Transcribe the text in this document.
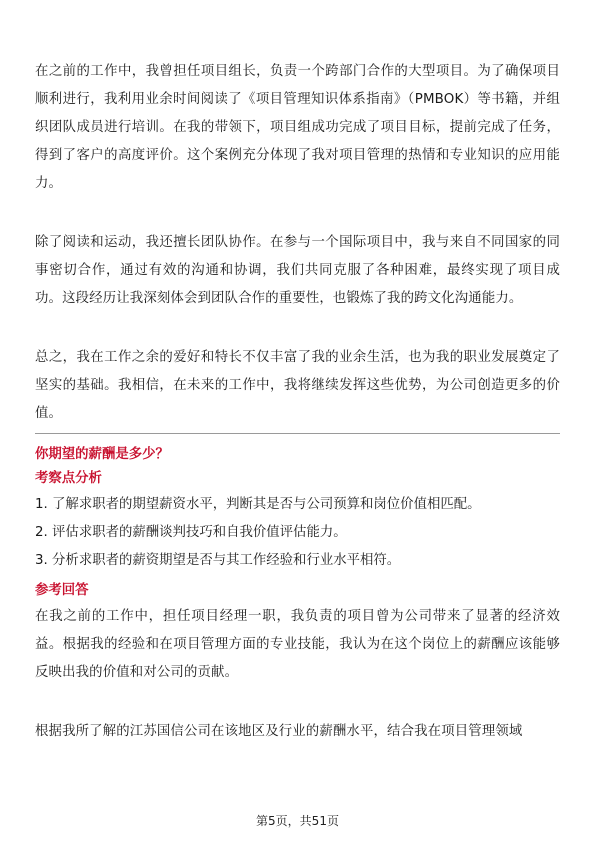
在之前的工作中，我曾担任项目组长，负责一个跨部门合作的大型项目。为了确保项目顺利进行，我利用业余时间阅读了《项目管理知识体系指南》（PMBOK）等书籍，并组织团队成员进行培训。在我的带领下，项目组成功完成了项目目标，提前完成了任务，得到了客户的高度评价。这个案例充分体现了我对项目管理的热情和专业知识的应用能力。

除了阅读和运动，我还擅长团队协作。在参与一个国际项目中，我与来自不同国家的同事密切合作，通过有效的沟通和协调，我们共同克服了各种困难，最终实现了项目成功。这段经历让我深刻体会到团队合作的重要性，也锻炼了我的跨文化沟通能力。

总之，我在工作之余的爱好和特长不仅丰富了我的业余生活，也为我的职业发展奠定了坚实的基础。我相信，在未来的工作中，我将继续发挥这些优势，为公司创造更多的价值。

你期望的薪酬是多少？

考察点分析

1. 了解求职者的期望薪资水平，判断其是否与公司预算和岗位价值相匹配。

2. 评估求职者的薪酬谈判技巧和自我价值评估能力。

3. 分析求职者的薪资期望是否与其工作经验和行业水平相符。

参考回答

在我之前的工作中，担任项目经理一职，我负责的项目曾为公司带来了显著的经济效益。根据我的经验和在项目管理方面的专业技能，我认为在这个岗位上的薪酬应该能够反映出我的价值和对公司的贡献。

根据我所了解的江苏国信公司在该地区及行业的薪酬水平，结合我在项目管理领域

第5页，共51页
